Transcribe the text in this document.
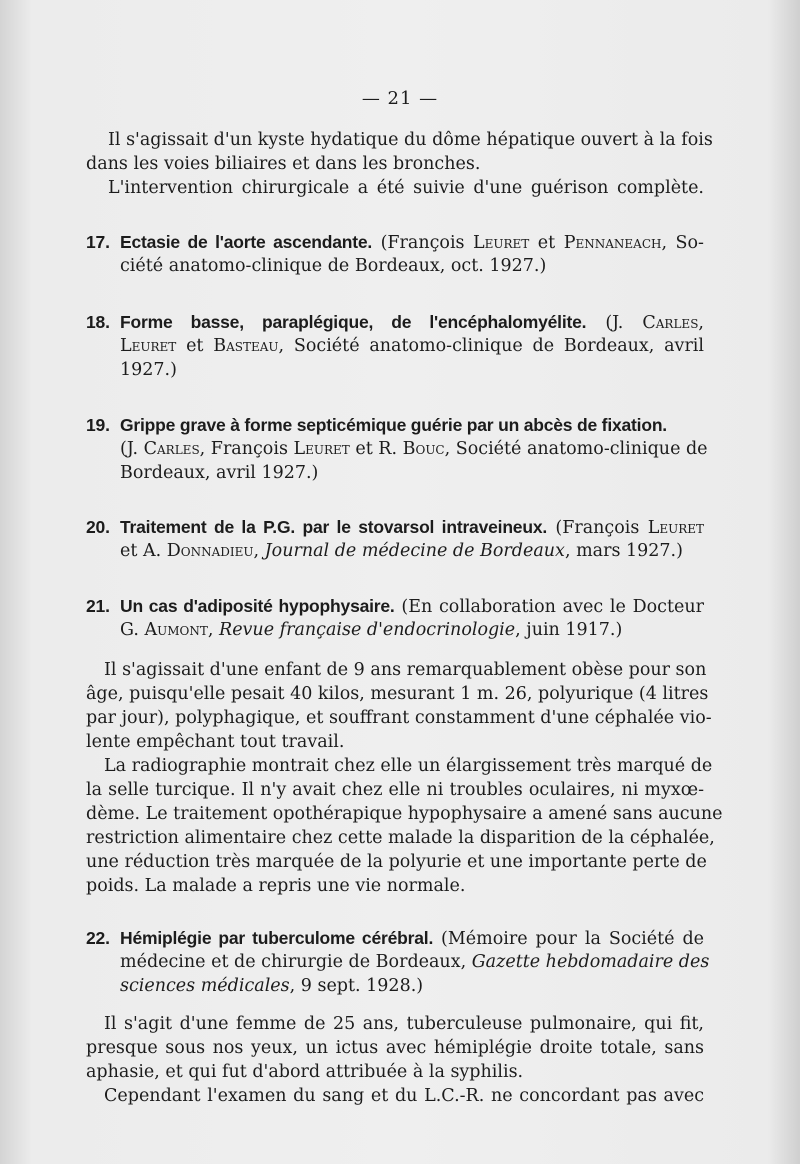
— 21 —
Il s'agissait d'un kyste hydatique du dôme hépatique ouvert à la fois
dans les voies biliaires et dans les bronches.
L'intervention chirurgicale a été suivie d'une guérison complète.
17. Ectasie de l'aorte ascendante. (François Leuret et Pennaneach, So-
ciété anatomo-clinique de Bordeaux, oct. 1927.)
18. Forme basse, paraplégique, de l'encéphalomyélite. (J. Carles,
Leuret et Basteau, Société anatomo-clinique de Bordeaux, avril
1927.)
19. Grippe grave à forme septicémique guérie par un abcès de fixation.
(J. Carles, François Leuret et R. Bouc, Société anatomo-clinique de
Bordeaux, avril 1927.)
20. Traitement de la P.G. par le stovarsol intraveineux. (François Leuret
et A. Donnadieu, Journal de médecine de Bordeaux, mars 1927.)
21. Un cas d'adiposité hypophysaire. (En collaboration avec le Docteur
G. Aumont, Revue française d'endocrinologie, juin 1917.)
Il s'agissait d'une enfant de 9 ans remarquablement obèse pour son
âge, puisqu'elle pesait 40 kilos, mesurant 1 m. 26, polyurique (4 litres
par jour), polyphagique, et souffrant constamment d'une céphalée vio-
lente empêchant tout travail.
La radiographie montrait chez elle un élargissement très marqué de
la selle turcique. Il n'y avait chez elle ni troubles oculaires, ni myxœ-
dème. Le traitement opothérapique hypophysaire a amené sans aucune
restriction alimentaire chez cette malade la disparition de la céphalée,
une réduction très marquée de la polyurie et une importante perte de
poids. La malade a repris une vie normale.
22. Hémiplégie par tuberculome cérébral. (Mémoire pour la Société de
médecine et de chirurgie de Bordeaux, Gazette hebdomadaire des
sciences médicales, 9 sept. 1928.)
Il s'agit d'une femme de 25 ans, tuberculeuse pulmonaire, qui fit,
presque sous nos yeux, un ictus avec hémiplégie droite totale, sans
aphasie, et qui fut d'abord attribuée à la syphilis.
Cependant l'examen du sang et du L.C.-R. ne concordant pas avec
